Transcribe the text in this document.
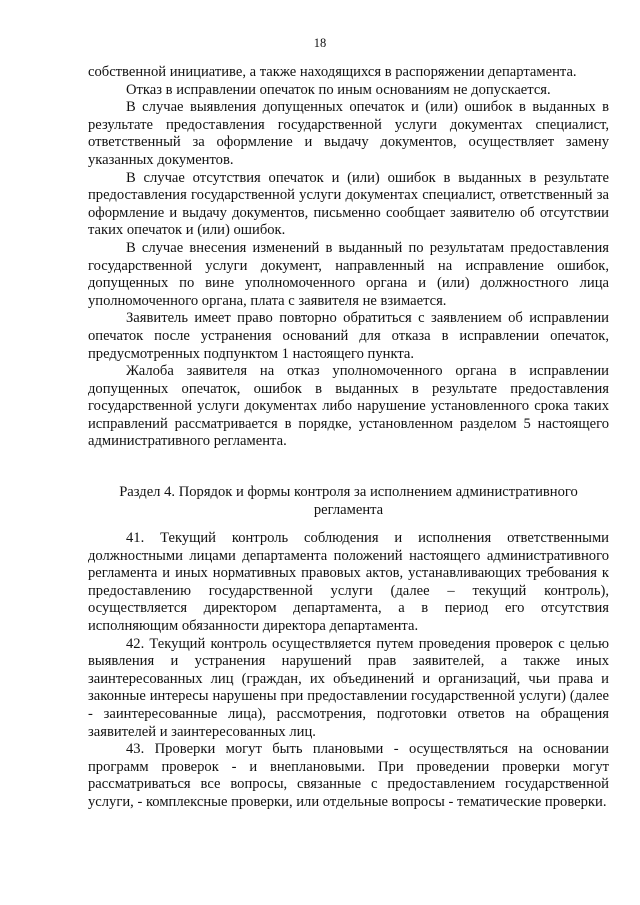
18

собственной инициативе, а также находящихся в распоряжении департамента.

Отказ в исправлении опечаток по иным основаниям не допускается.

В случае выявления допущенных опечаток и (или) ошибок в выданных в результате предоставления государственной услуги документах специалист, ответственный за оформление и выдачу документов, осуществляет замену указанных документов.

В случае отсутствия опечаток и (или) ошибок в выданных в результате предоставления государственной услуги документах специалист, ответственный за оформление и выдачу документов, письменно сообщает заявителю об отсутствии таких опечаток и (или) ошибок.

В случае внесения изменений в выданный по результатам предоставления государственной услуги документ, направленный на исправление ошибок, допущенных по вине уполномоченного органа и (или) должностного лица уполномоченного органа, плата с заявителя не взимается.

Заявитель имеет право повторно обратиться с заявлением об исправлении опечаток после устранения оснований для отказа в исправлении опечаток, предусмотренных подпунктом 1 настоящего пункта.

Жалоба заявителя на отказ уполномоченного органа в исправлении допущенных опечаток, ошибок в выданных в результате предоставления государственной услуги документах либо нарушение установленного срока таких исправлений рассматривается в порядке, установленном разделом 5 настоящего административного регламента.

Раздел 4. Порядок и формы контроля за исполнением административного регламента

41. Текущий контроль соблюдения и исполнения ответственными должностными лицами департамента положений настоящего административного регламента и иных нормативных правовых актов, устанавливающих требования к предоставлению государственной услуги (далее – текущий контроль), осуществляется директором департамента, а в период его отсутствия исполняющим обязанности директора департамента.

42. Текущий контроль осуществляется путем проведения проверок с целью выявления и устранения нарушений прав заявителей, а также иных заинтересованных лиц (граждан, их объединений и организаций, чьи права и законные интересы нарушены при предоставлении государственной услуги) (далее - заинтересованные лица), рассмотрения, подготовки ответов на обращения заявителей и заинтересованных лиц.

43. Проверки могут быть плановыми - осуществляться на основании программ проверок - и внеплановыми. При проведении проверки могут рассматриваться все вопросы, связанные с предоставлением государственной услуги, - комплексные проверки, или отдельные вопросы - тематические проверки.
